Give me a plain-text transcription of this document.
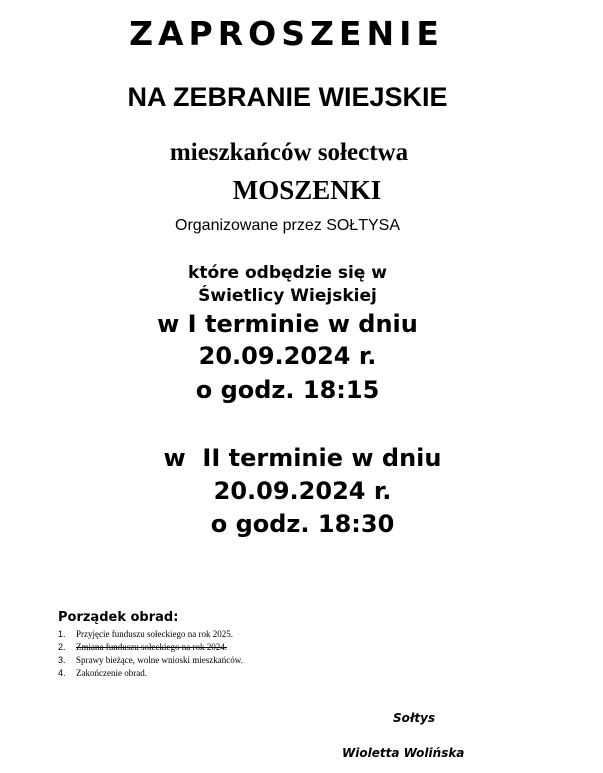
ZAPROSZENIE
NA ZEBRANIE WIEJSKIE
mieszkańców sołectwa
MOSZENKI
Organizowane przez SOŁTYSA
które odbędzie się w
Świetlicy Wiejskiej
w I terminie w dniu
20.09.2024 r.
o godz. 18:15
w  II terminie w dniu
20.09.2024 r.
o godz. 18:30
Porządek obrad:
1. Przyjęcie funduszu sołeckiego na rok 2025.
2. Zmiana funduszu sołeckiego na rok 2024.
3. Sprawy bieżące, wolne wnioski mieszkańców.
4. Zakończenie obrad.
Sołtys
Wioletta Wolińska
